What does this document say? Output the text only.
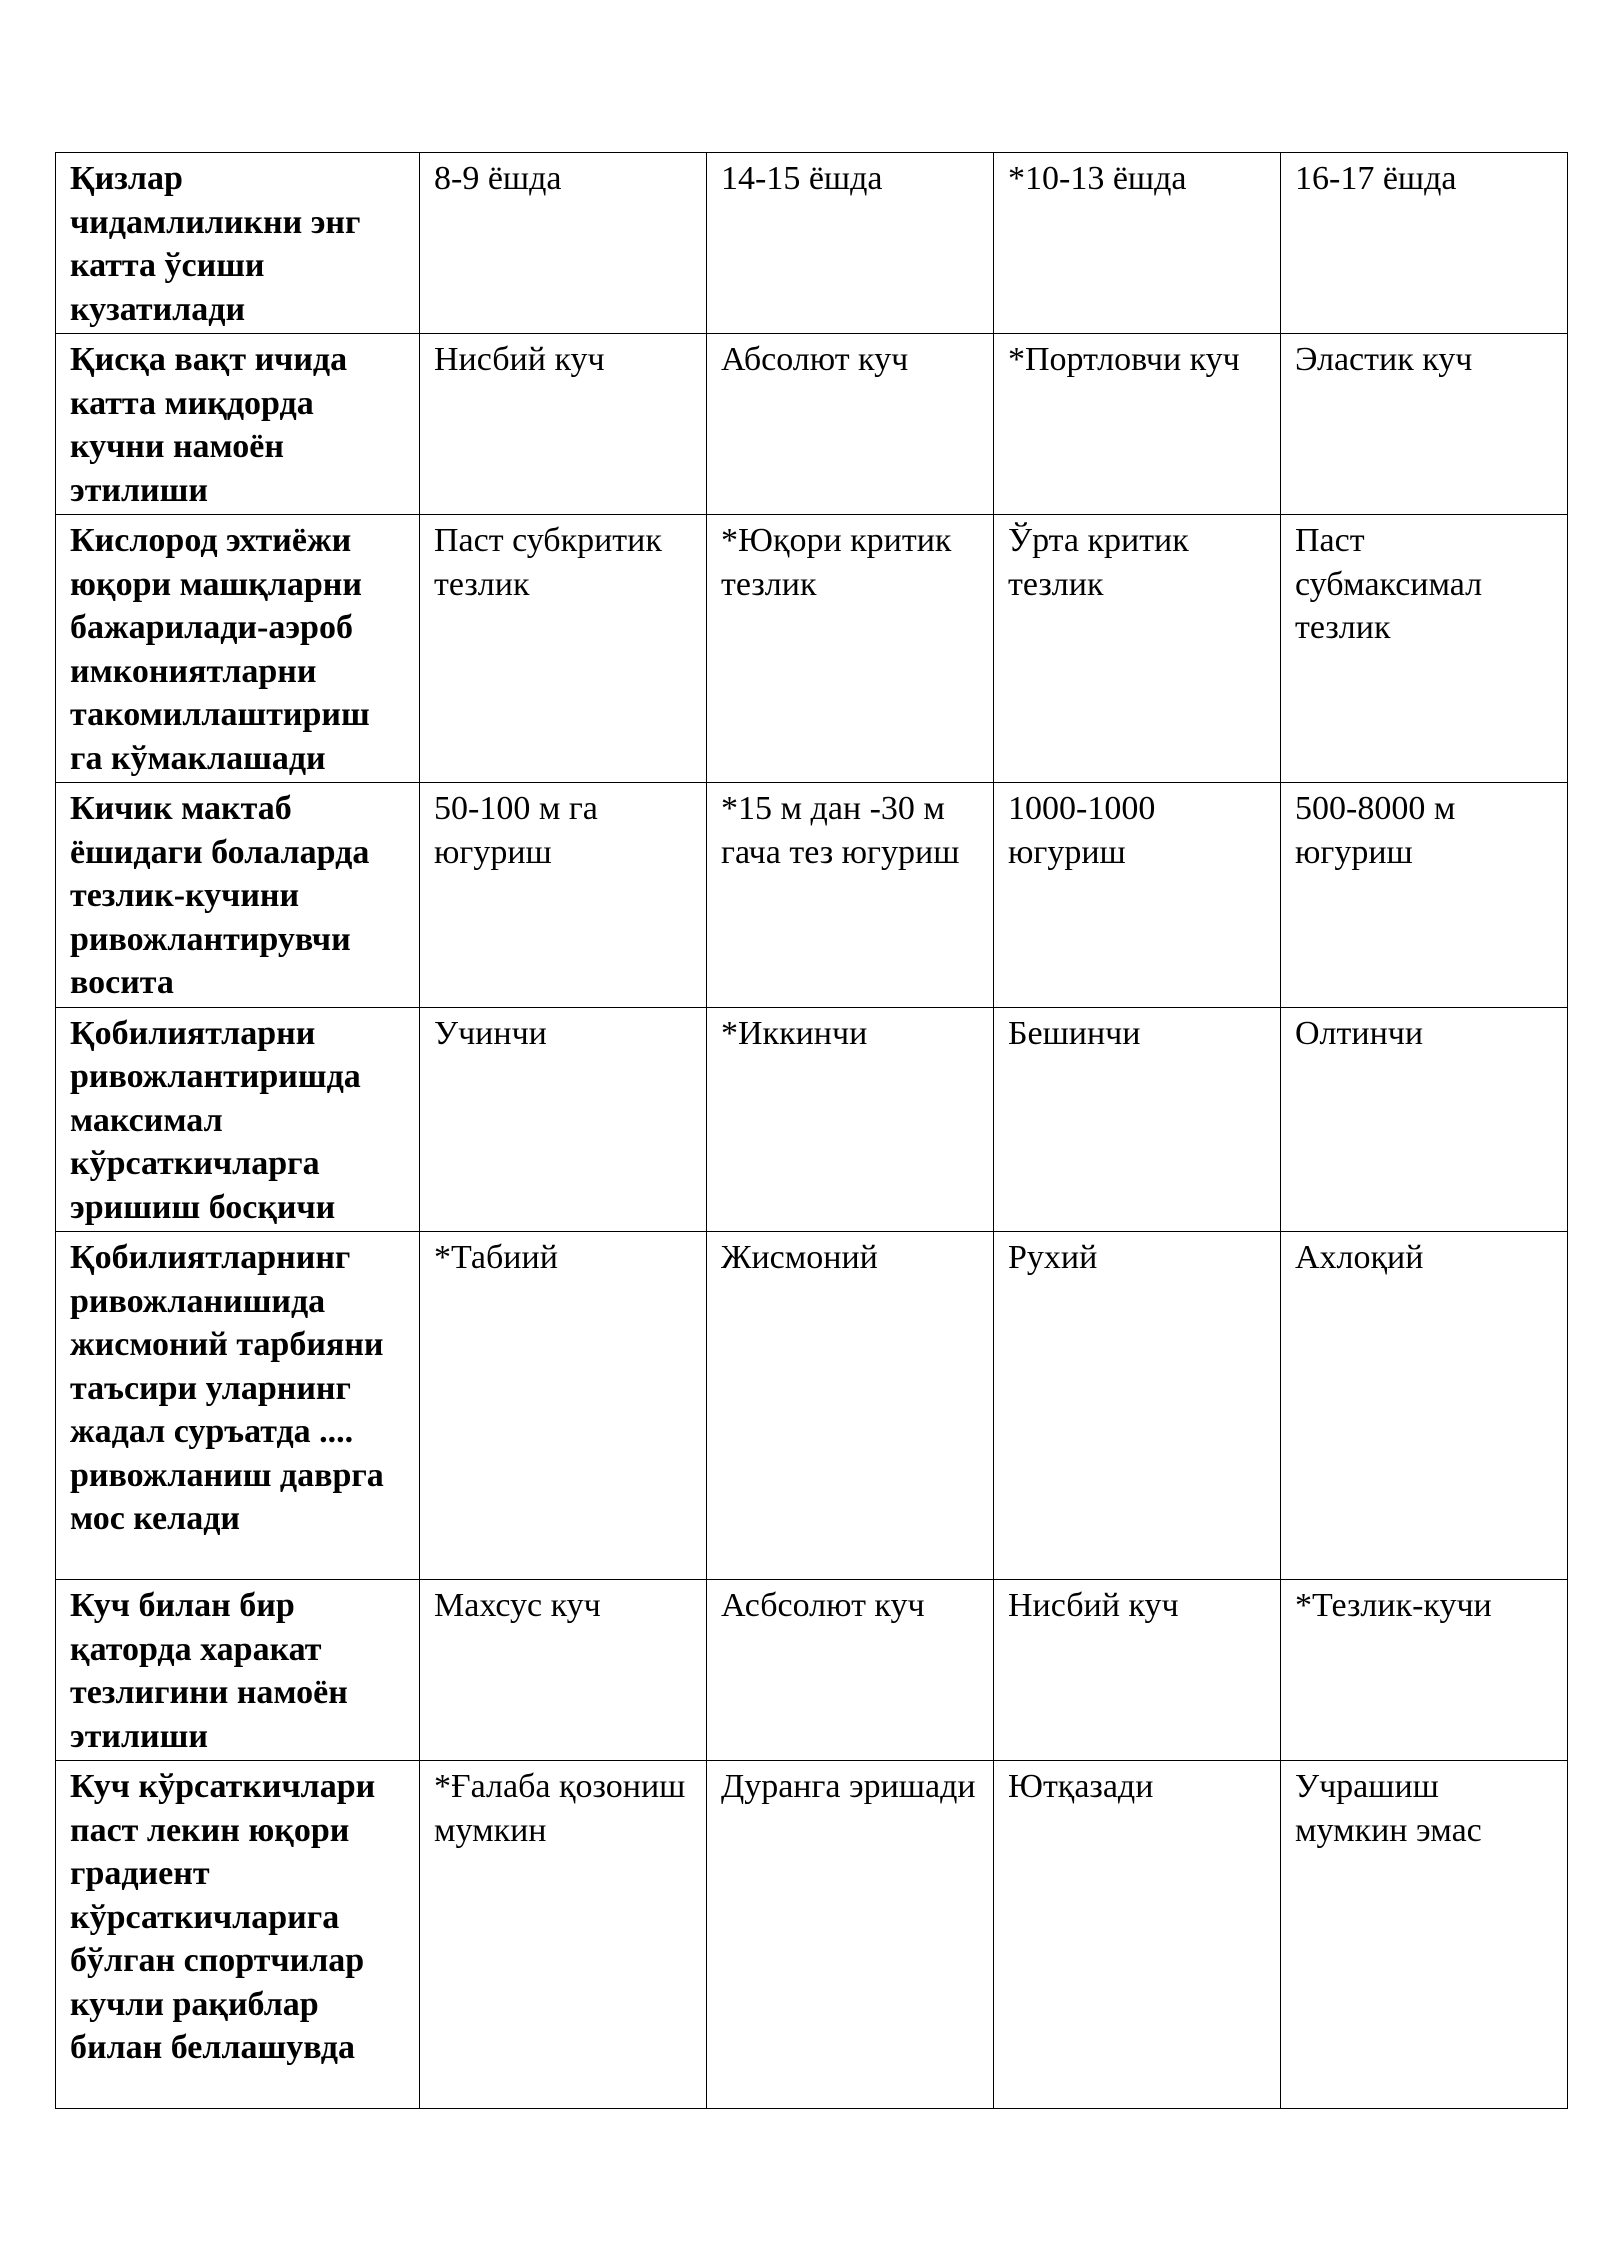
Қизлар чидамлиликни энг катта ўсиши кузатилади	8-9 ёшда	14-15 ёшда	*10-13 ёшда	16-17 ёшда
Қисқа вақт ичида катта миқдорда кучни намоён этилиши	Нисбий куч	Абсолют куч	*Портловчи куч	Эластик куч
Кислород эхтиёжи юқори машқларни бажарилади-аэроб имкониятларни такомиллаштириш га кўмаклашади	Паст субкритик тезлик	*Юқори критик тезлик	Ўрта критик тезлик	Паст субмаксимал тезлик
Кичик мактаб ёшидаги болаларда тезлик-кучини ривожлантирувчи восита	50-100 м га югуриш	*15 м дан -30 м гача тез югуриш	1000-1000 югуриш	500-8000 м югуриш
Қобилиятларни ривожлантиришда максимал кўрсаткичларга эришиш босқичи	Учинчи	*Иккинчи	Бешинчи	Олтинчи
Қобилиятларнинг ривожланишида жисмоний тарбияни таъсири уларнинг жадал суръатда .... ривожланиш даврга мос келади	*Табиий	Жисмоний	Рухий	Ахлоқий
Куч билан бир қаторда харакат тезлигини намоён этилиши	Махсус куч	Асбсолют куч	Нисбий куч	*Тезлик-кучи
Куч кўрсаткичлари паст лекин юқори градиент кўрсаткичларига бўлган спортчилар кучли рақиблар билан беллашувда	*Ғалаба қозониш мумкин	Дуранга эришади	Ютқазади	Учрашиш мумкин эмас
